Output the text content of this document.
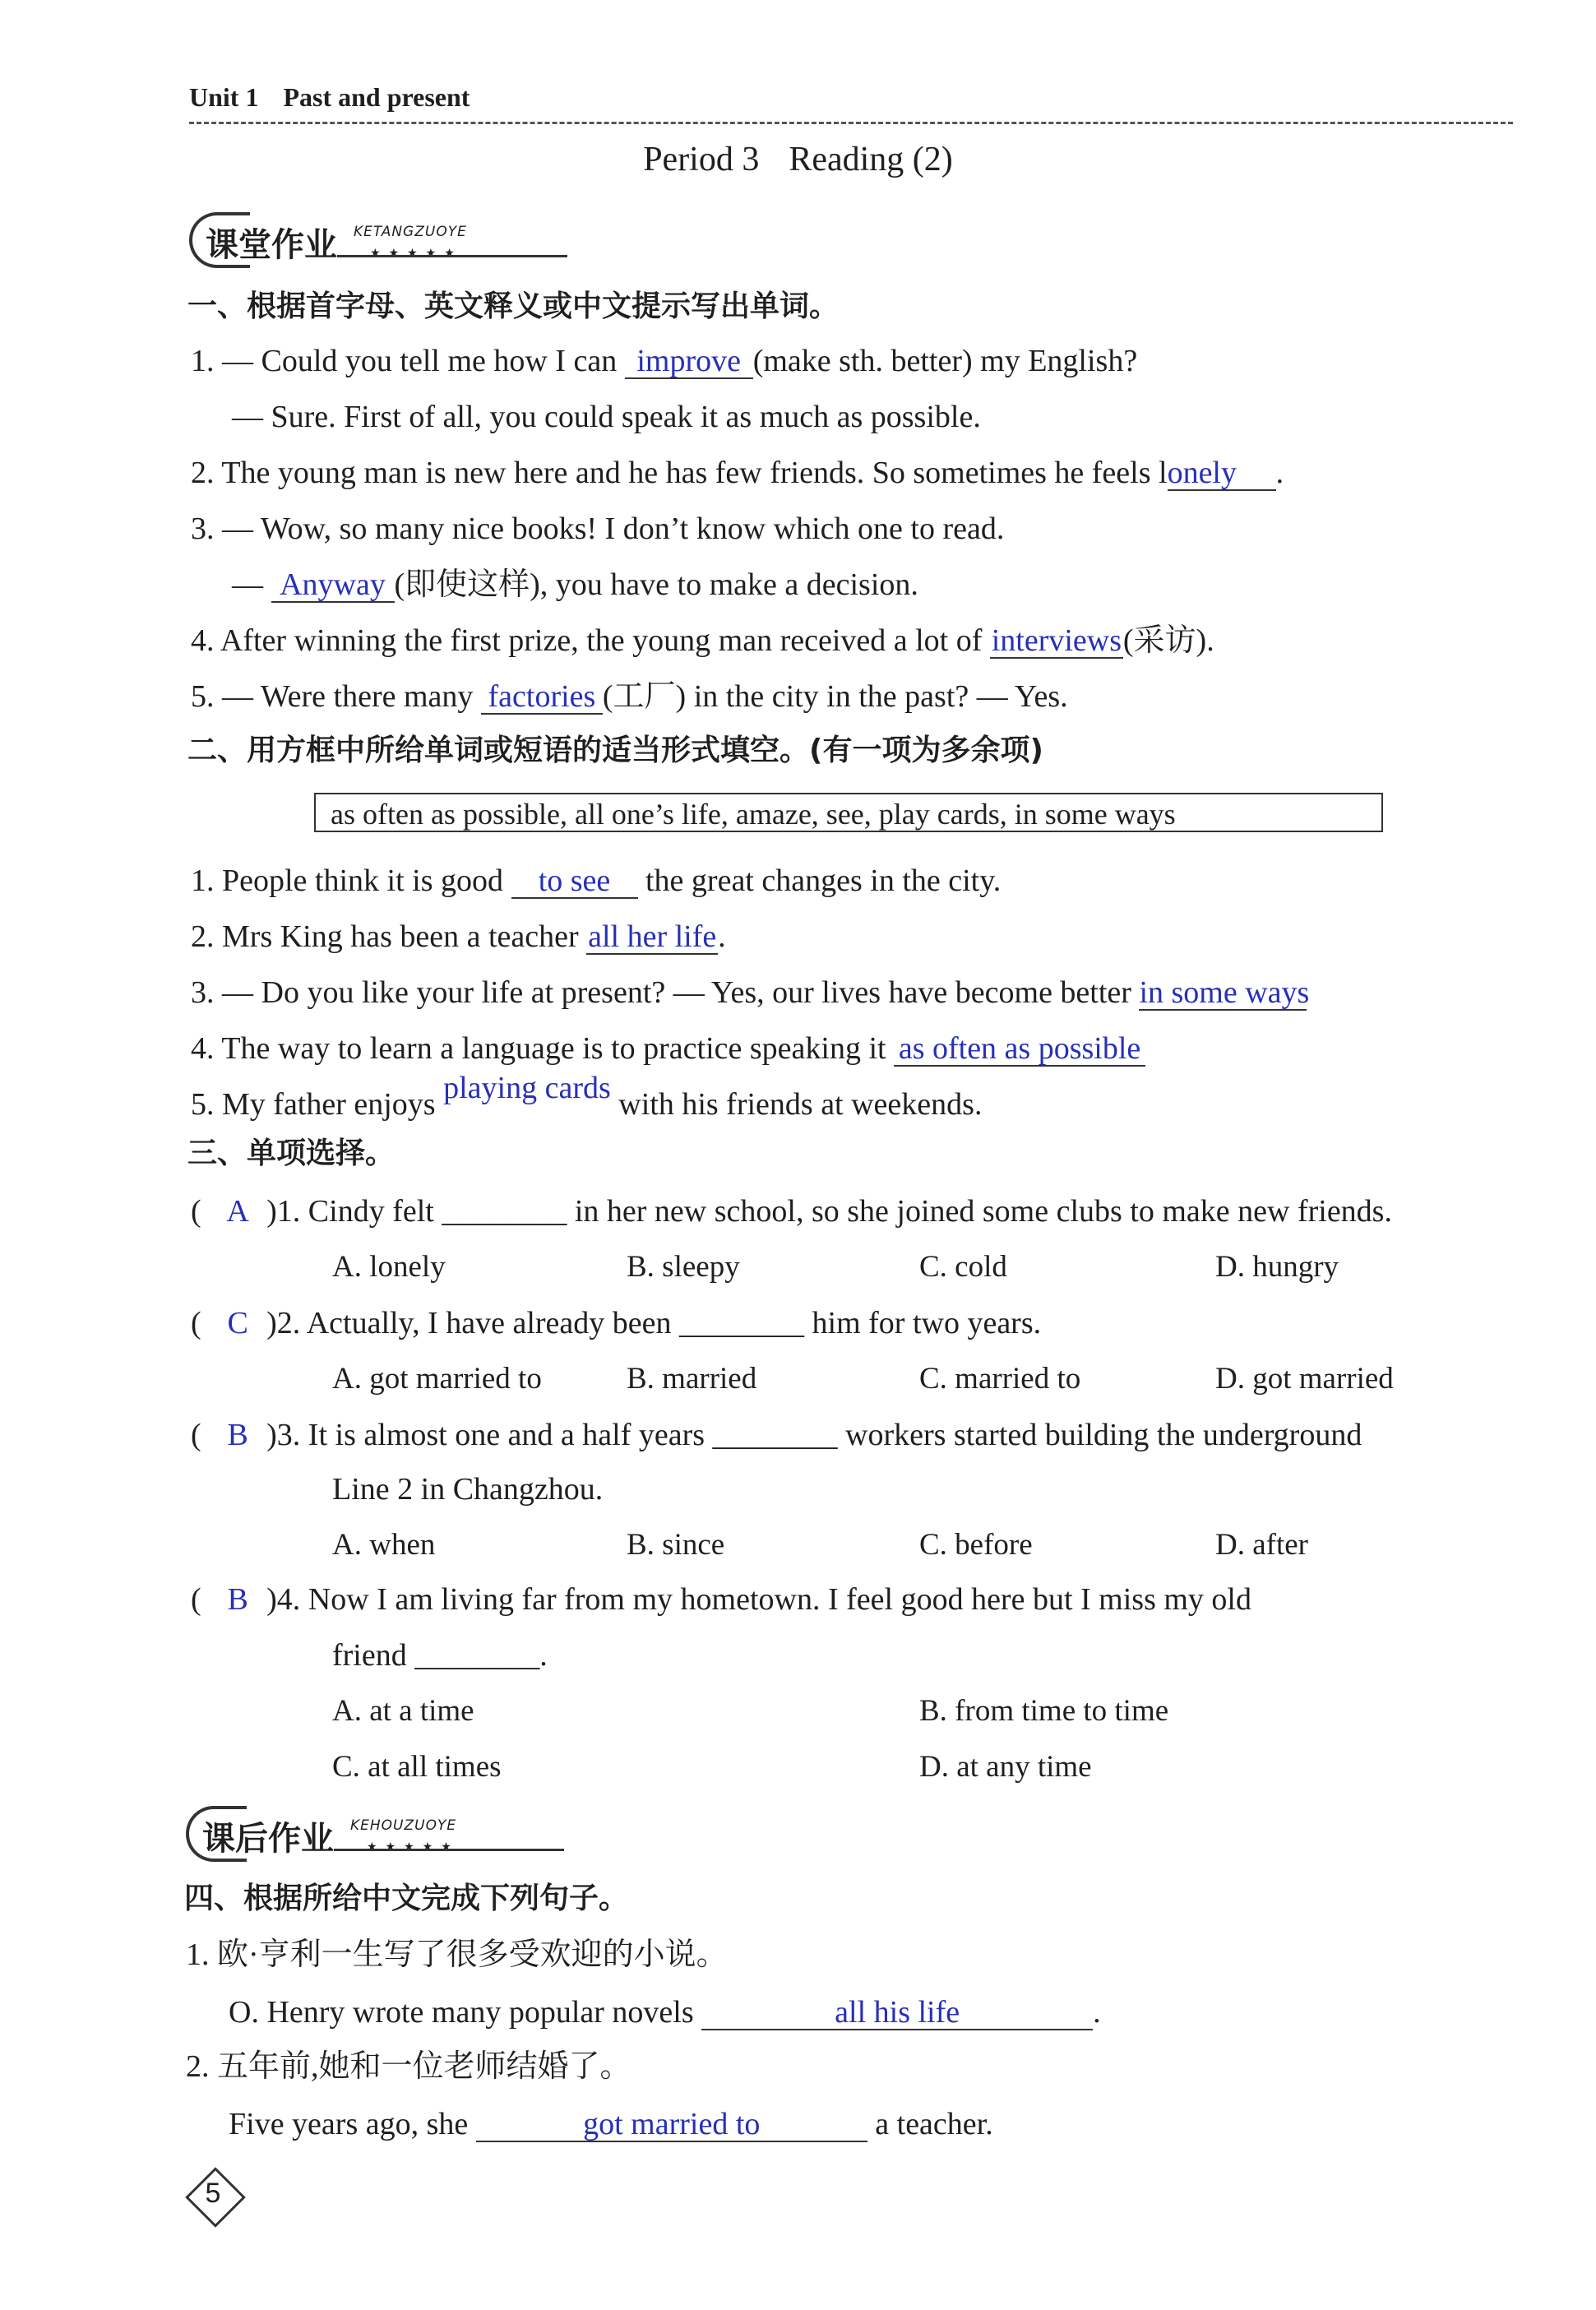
Unit 1 Past and present
Period 3 Reading (2)
课堂作业 KETANGZUOYE
★★★★★
一、根据首字母、英文释义或中文提示写出单词。
1. — Could you tell me how I can improve (make sth. better) my English?
— Sure. First of all, you could speak it as much as possible.
2. The young man is new here and he has few friends. So sometimes he feels lonely .
3. — Wow, so many nice books! I don’t know which one to read.
— Anyway (即使这样), you have to make a decision.
4. After winning the first prize, the young man received a lot of interviews(采访).
5. — Were there many factories (工厂) in the city in the past? — Yes.
二、用方框中所给单词或短语的适当形式填空。(有一项为多余项)
as often as possible, all one’s life, amaze, see, play cards, in some ways
1. People think it is good to see the great changes in the city.
2. Mrs King has been a teacher all her life.
3. — Do you like your life at present? — Yes, our lives have become better in some ways
4. The way to learn a language is to practice speaking it as often as possible
5. My father enjoys playing cards with his friends at weekends.
三、单项选择。
( A )1. Cindy felt ________ in her new school, so she joined some clubs to make new friends.
A. lonely	B. sleepy	C. cold	D. hungry
( C )2. Actually, I have already been ________ him for two years.
A. got married to	B. married	C. married to	D. got married
( B )3. It is almost one and a half years ________ workers started building the underground
Line 2 in Changzhou.
A. when	B. since	C. before	D. after
( B )4. Now I am living far from my hometown. I feel good here but I miss my old
friend ________.
A. at a time	B. from time to time
C. at all times	D. at any time
课后作业 KEHOUZUOYE
★★★★★
四、根据所给中文完成下列句子。
1. 欧·亨利一生写了很多受欢迎的小说。
O. Henry wrote many popular novels	all his life	.
2. 五年前,她和一位老师结婚了。
Five years ago, she	got married to	a teacher.
5
